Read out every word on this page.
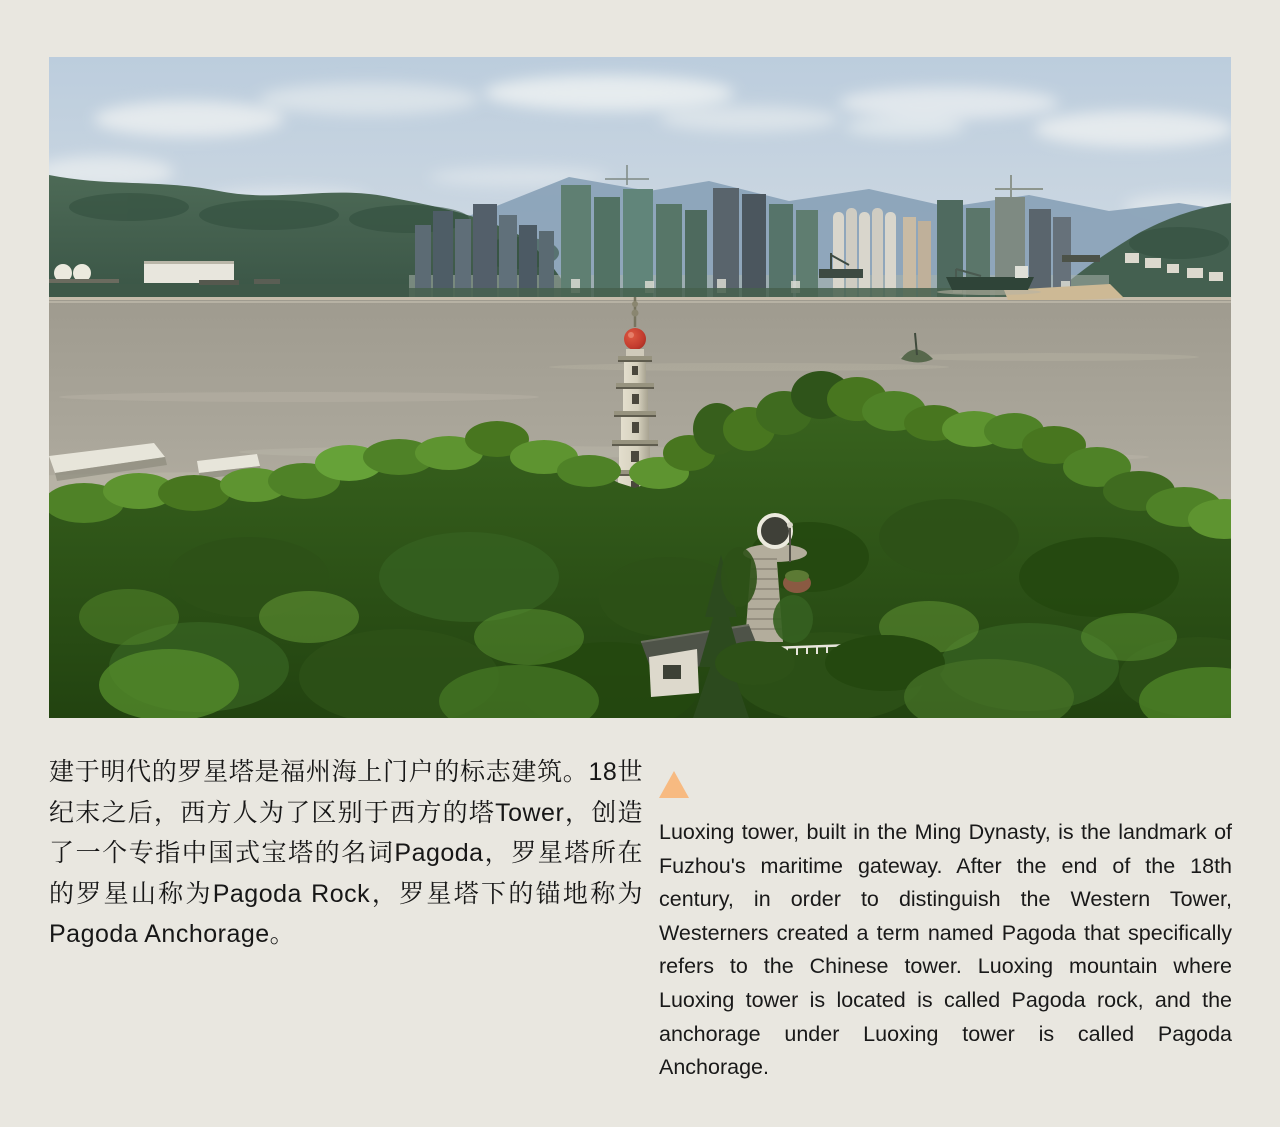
建于明代的罗星塔是福州海上门户的标志建筑。18世纪末之后，西方人为了区别于西方的塔Tower，创造了一个专指中国式宝塔的名词Pagoda，罗星塔所在的罗星山称为Pagoda Rock，罗星塔下的锚地称为Pagoda Anchorage。

Luoxing tower, built in the Ming Dynasty, is the landmark of Fuzhou's maritime gateway. After the end of the 18th century, in order to distinguish the Western Tower, Westerners created a term named Pagoda that specifically refers to the Chinese tower. Luoxing mountain where Luoxing tower is located is called Pagoda rock, and the anchorage under Luoxing tower is called Pagoda Anchorage.
